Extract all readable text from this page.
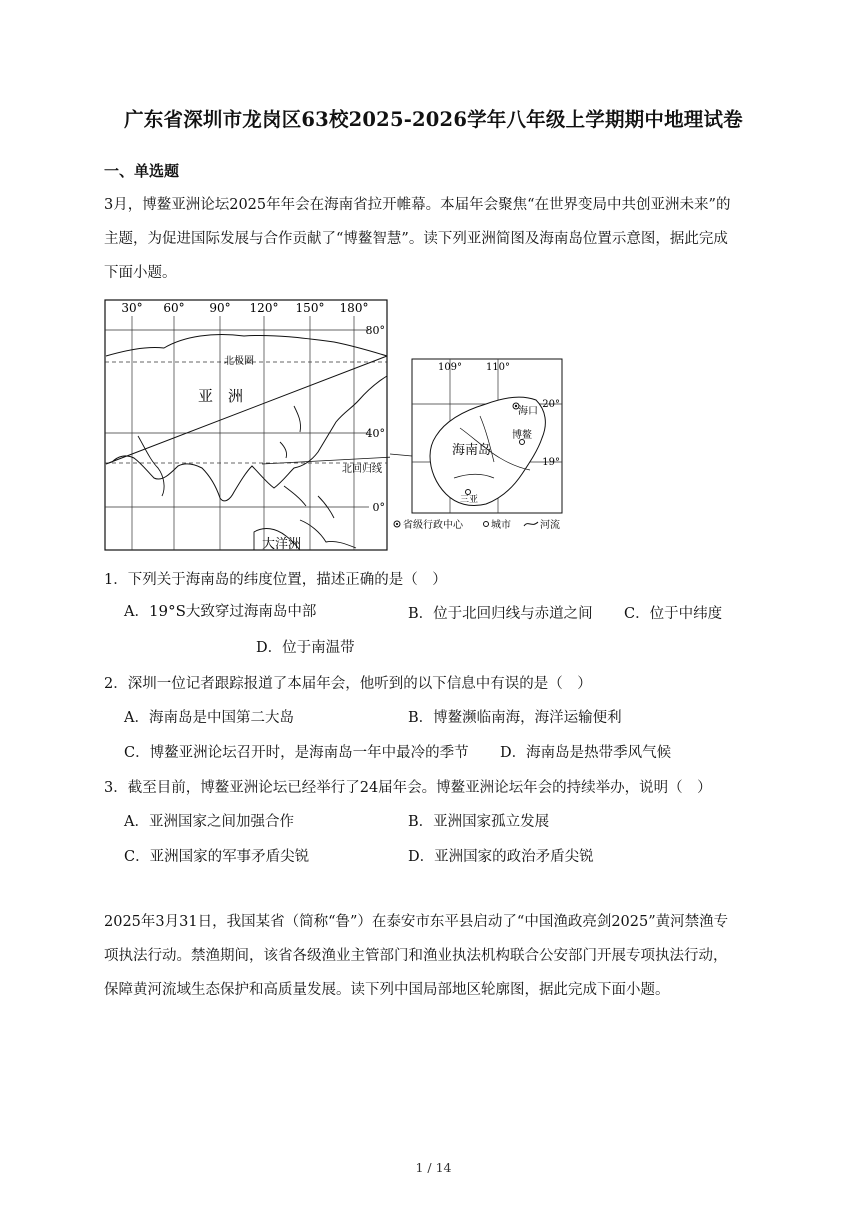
广东省深圳市龙岗区63校2025-2026学年八年级上学期期中地理试卷
一、单选题
3月，博鳌亚洲论坛2025年年会在海南省拉开帷幕。本届年会聚焦“在世界变局中共创亚洲未来”的
主题，为促进国际发展与合作贡献了“博鳌智慧”。读下列亚洲简图及海南岛位置示意图，据此完成
下面小题。
30° 60° 90° 120° 150° 180°
80°
40°
0°
北极圈
亚　洲
北回归线
大洋洲
109° 110°
20°
19°
海南岛
海口
博鳌
三亚
省级行政中心	城市	河流
1．下列关于海南岛的纬度位置，描述正确的是（　）
A．19°S大致穿过海南岛中部	B．位于北回归线与赤道之间 C．位于中纬度
D．位于南温带
2．深圳一位记者跟踪报道了本届年会，他听到的以下信息中有误的是（　）
A．海南岛是中国第二大岛	B．博鳌濒临南海，海洋运输便利
C．博鳌亚洲论坛召开时，是海南岛一年中最冷的季节 D．海南岛是热带季风气候
3．截至目前，博鳌亚洲论坛已经举行了24届年会。博鳌亚洲论坛年会的持续举办，说明（　）
A．亚洲国家之间加强合作	B．亚洲国家孤立发展
C．亚洲国家的军事矛盾尖锐	D．亚洲国家的政治矛盾尖锐
2025年3月31日，我国某省（简称“鲁”）在泰安市东平县启动了“中国渔政亮剑2025”黄河禁渔专
项执法行动。禁渔期间，该省各级渔业主管部门和渔业执法机构联合公安部门开展专项执法行动，
保障黄河流域生态保护和高质量发展。读下列中国局部地区轮廓图，据此完成下面小题。
1 / 14
